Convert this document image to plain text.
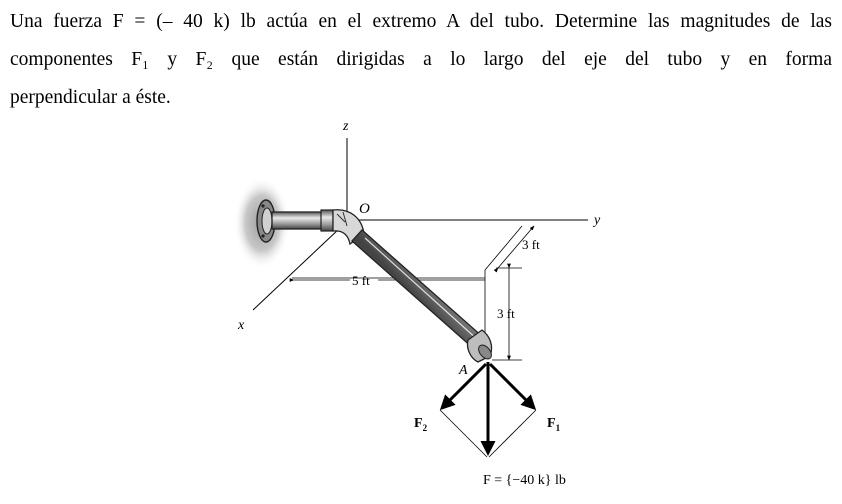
Una fuerza F = (– 40 k) lb actúa en el extremo A del tubo. Determine las magnitudes de las
componentes F₁ y F₂ que están dirigidas a lo largo del eje del tubo y en forma
perpendicular a éste.
z
y
x
O
A
3 ft
5 ft
3 ft
$F_2$	$F_1$
F = {−40 k} lb
